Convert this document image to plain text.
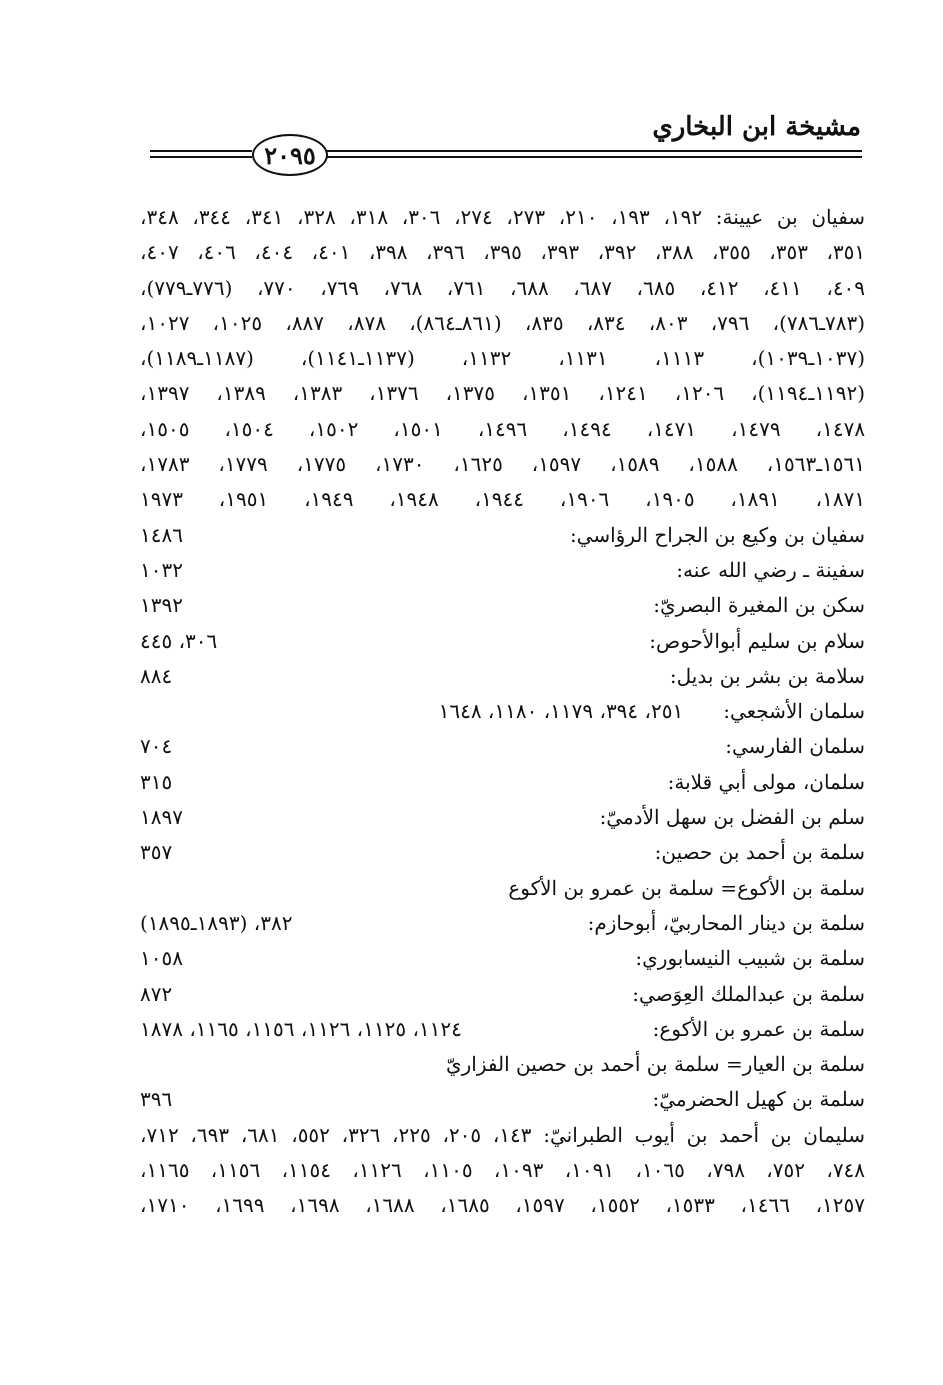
مشيخة ابن البخاري
٢٠٩٥
سفيان بن عيينة: ١٩٢، ١٩٣، ٢١٠، ٢٧٣، ٢٧٤، ٣٠٦، ٣١٨، ٣٢٨، ٣٤١، ٣٤٤، ٣٤٨،
٣٥١، ٣٥٣، ٣٥٥، ٣٨٨، ٣٩٢، ٣٩٣، ٣٩٥، ٣٩٦، ٣٩٨، ٤٠١، ٤٠٤، ٤٠٦، ٤٠٧،
٤٠٩، ٤١١، ٤١٢، ٦٨٥، ٦٨٧، ٦٨٨، ٧٦١، ٧٦٨، ٧٦٩، ٧٧٠، (٧٧٦ـ٧٧٩)،
(٧٨٣ـ٧٨٦)، ٧٩٦، ٨٠٣، ٨٣٤، ٨٣٥، (٨٦١ـ٨٦٤)، ٨٧٨، ٨٨٧، ١٠٢٥، ١٠٢٧،
(١٠٣٧ـ١٠٣٩)، ١١١٣، ١١٣١، ١١٣٢، (١١٣٧ـ١١٤١)، (١١٨٧ـ١١٨٩)،
(١١٩٢ـ١١٩٤)، ١٢٠٦، ١٢٤١، ١٣٥١، ١٣٧٥، ١٣٧٦، ١٣٨٣، ١٣٨٩، ١٣٩٧،
١٤٧٨، ١٤٧٩، ١٤٧١، ١٤٩٤، ١٤٩٦، ١٥٠١، ١٥٠٢، ١٥٠٤، ١٥٠٥،
١٥٦١ـ١٥٦٣، ١٥٨٨، ١٥٨٩، ١٥٩٧، ١٦٢٥، ١٧٣٠، ١٧٧٥، ١٧٧٩، ١٧٨٣،
١٨٧١، ١٨٩١، ١٩٠٥، ١٩٠٦، ١٩٤٤، ١٩٤٨، ١٩٤٩، ١٩٥١، ١٩٧٣
سفيان بن وكيع بن الجراح الرؤاسي:
١٤٨٦
سفينة ـ رضي الله عنه:
١٠٣٢
سكن بن المغيرة البصريّ:
١٣٩٢
سلام بن سليم أبوالأحوص:
٣٠٦، ٤٤٥
سلامة بن بشر بن بديل:
٨٨٤
سلمان الأشجعي:
٢٥١، ٣٩٤، ١١٧٩، ١١٨٠، ١٦٤٨
سلمان الفارسي:
٧٠٤
سلمان، مولى أبي قلابة:
٣١٥
سلم بن الفضل بن سهل الأدميّ:
١٨٩٧
سلمة بن أحمد بن حصين:
٣٥٧
سلمة بن الأكوع= سلمة بن عمرو بن الأكوع
سلمة بن دينار المحاربيّ، أبوحازم:
٣٨٢، (١٨٩٣ـ١٨٩٥)
سلمة بن شبيب النيسابوري:
١٠٥٨
سلمة بن عبدالملك العِوَصي:
٨٧٢
سلمة بن عمرو بن الأكوع:
١١٢٤، ١١٢٥، ١١٢٦، ١١٥٦، ١١٦٥، ١٨٧٨
سلمة بن العيار= سلمة بن أحمد بن حصين الفزاريّ
سلمة بن كهيل الحضرميّ:
٣٩٦
سليمان بن أحمد بن أيوب الطبرانيّ: ١٤٣، ٢٠٥، ٢٢٥، ٣٢٦، ٥٥٢، ٦٨١، ٦٩٣، ٧١٢،
٧٤٨، ٧٥٢، ٧٩٨، ١٠٦٥، ١٠٩١، ١٠٩٣، ١١٠٥، ١١٢٦، ١١٥٤، ١١٥٦، ١١٦٥،
١٢٥٧، ١٤٦٦، ١٥٣٣، ١٥٥٢، ١٥٩٧، ١٦٨٥، ١٦٨٨، ١٦٩٨، ١٦٩٩، ١٧١٠،
